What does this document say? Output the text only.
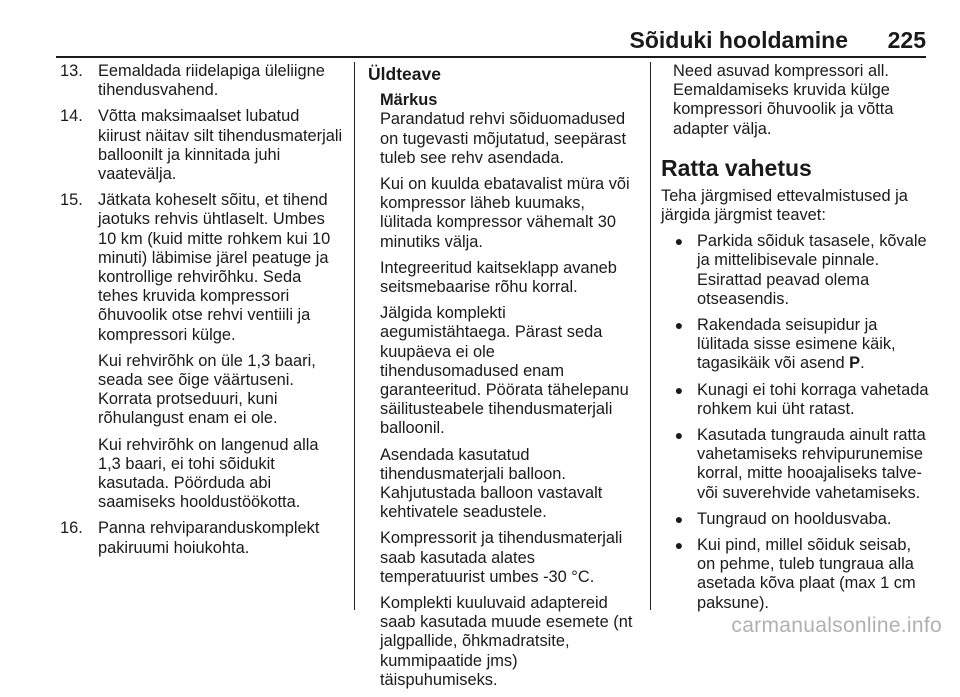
Sõiduki hooldamine 225
13. Eemaldada riidelapiga üleliigne tihendusvahend.
14. Võtta maksimaalset lubatud kiirust näitav silt tihendusmaterjali balloonilt ja kinnitada juhi vaatevälja.
15. Jätkata koheselt sõitu, et tihend jaotuks rehvis ühtlaselt. Umbes 10 km (kuid mitte rohkem kui 10 minuti) läbimise järel peatuge ja kontrollige rehvirõhku. Seda tehes kruvida kompressori õhuvoolik otse rehvi ventiili ja kompressori külge.
Kui rehvirõhk on üle 1,3 baari, seada see õige väärtuseni. Korrata protseduuri, kuni rõhulangust enam ei ole.
Kui rehvirõhk on langenud alla 1,3 baari, ei tohi sõidukit kasutada. Pöörduda abi saamiseks hooldustöökotta.
16. Panna rehviparanduskomplekt pakiruumi hoiukohta.
Üldteave
Märkus

Parandatud rehvi sõiduomadused on tugevasti mõjutatud, seepärast tuleb see rehv asendada.

Kui on kuulda ebatavalist müra või kompressor läheb kuumaks, lülitada kompressor vähemalt 30 minutiks välja.

Integreeritud kaitseklapp avaneb seitsmebaarise rõhu korral.

Jälgida komplekti aegumistähtaega. Pärast seda kuupäeva ei ole tihendusomadused enam garanteeritud. Pöörata tähelepanu säilitusteabele tihendusmaterjali balloonil.

Asendada kasutatud tihendusmaterjali balloon. Kahjutustada balloon vastavalt kehtivatele seadustele.

Kompressorit ja tihendusmaterjali saab kasutada alates temperatuurist umbes -30 °C.

Komplekti kuuluvaid adaptereid saab kasutada muude esemete (nt jalgpallide, õhkmadratsite, kummipaatide jms) täispuhumiseks.

Need asuvad kompressori all. Eemaldamiseks kruvida külge kompressori õhuvoolik ja võtta adapter välja.

Ratta vahetus

Teha järgmised ettevalmistused ja järgida järgmist teavet:

● Parkida sõiduk tasasele, kõvale ja mittelibisevale pinnale. Esirattad peavad olema otseasendis.
● Rakendada seisupidur ja lülitada sisse esimene käik, tagasikäik või asend P.
● Kunagi ei tohi korraga vahetada rohkem kui üht ratast.
● Kasutada tungrauda ainult ratta vahetamiseks rehvipurunemise korral, mitte hooajaliseks talve- või suverehvide vahetamiseks.
● Tungraud on hooldusvaba.
● Kui pind, millel sõiduk seisab, on pehme, tuleb tungraua alla asetada kõva plaat (max 1 cm paksune).
carmanualsonline.info
